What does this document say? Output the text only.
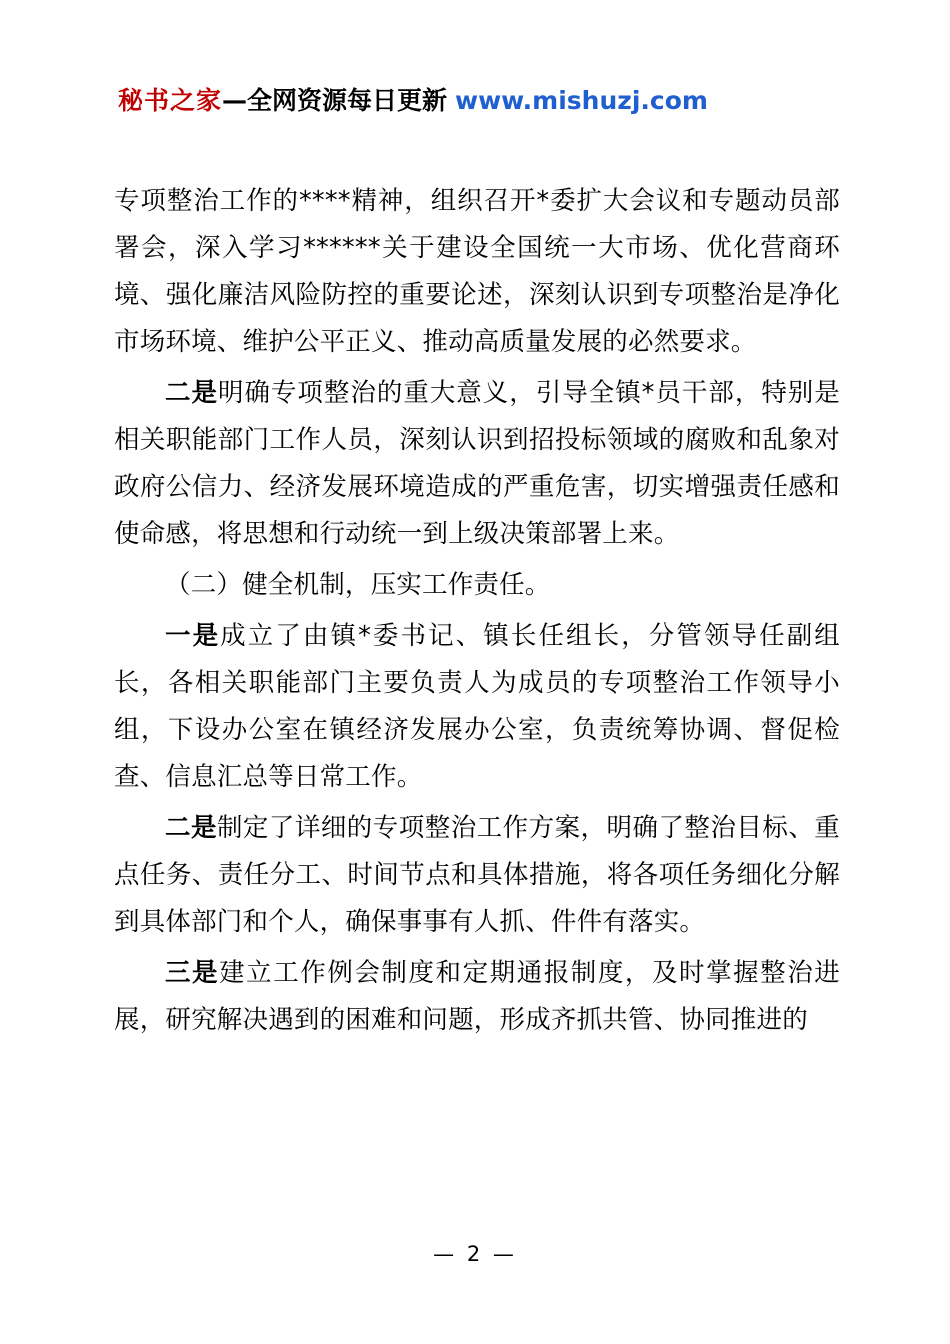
秘书之家—全网资源每日更新 www.mishuzj.com

专项整治工作的****精神，组织召开*委扩大会议和专题动员部署会，深入学习******关于建设全国统一大市场、优化营商环境、强化廉洁风险防控的重要论述，深刻认识到专项整治是净化市场环境、维护公平正义、推动高质量发展的必然要求。

二是明确专项整治的重大意义，引导全镇*员干部，特别是相关职能部门工作人员，深刻认识到招投标领域的腐败和乱象对政府公信力、经济发展环境造成的严重危害，切实增强责任感和使命感，将思想和行动统一到上级决策部署上来。

（二）健全机制，压实工作责任。

一是成立了由镇*委书记、镇长任组长，分管领导任副组长，各相关职能部门主要负责人为成员的专项整治工作领导小组，下设办公室在镇经济发展办公室，负责统筹协调、督促检查、信息汇总等日常工作。

二是制定了详细的专项整治工作方案，明确了整治目标、重点任务、责任分工、时间节点和具体措施，将各项任务细化分解到具体部门和个人，确保事事有人抓、件件有落实。

三是建立工作例会制度和定期通报制度，及时掌握整治进展，研究解决遇到的困难和问题，形成齐抓共管、协同推进的

— 2 —
